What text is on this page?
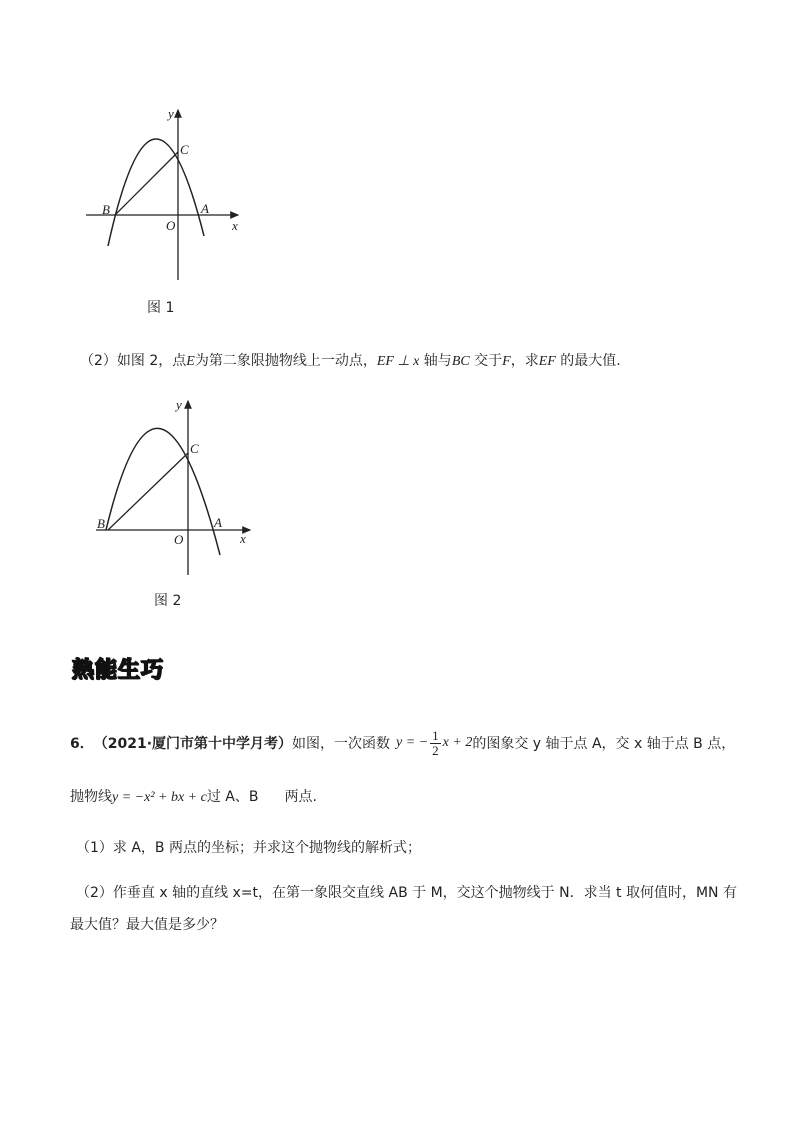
y
x
C
B
O
A
图 1
（2）如图 2，点E为第二象限抛物线上一动点，EF ⊥ x 轴与BC 交于F，求EF 的最大值.
y
x
C
B
O
A
图 2
熟能生巧
6． （2021·厦门市第十中学月考） 如图，一次函数 y = − $\frac{1}{2}$ x + 2 的图象交 y 轴于点 A，交 x 轴于点 B 点，
抛物线y = −x² + bx + c过 A、B 两点.
（1）求 A，B 两点的坐标；并求这个抛物线的解析式；
（2）作垂直 x 轴的直线 x=t，在第一象限交直线 AB 于 M，交这个抛物线于 N．求当 t 取何值时，MN 有
最大值？最大值是多少？
